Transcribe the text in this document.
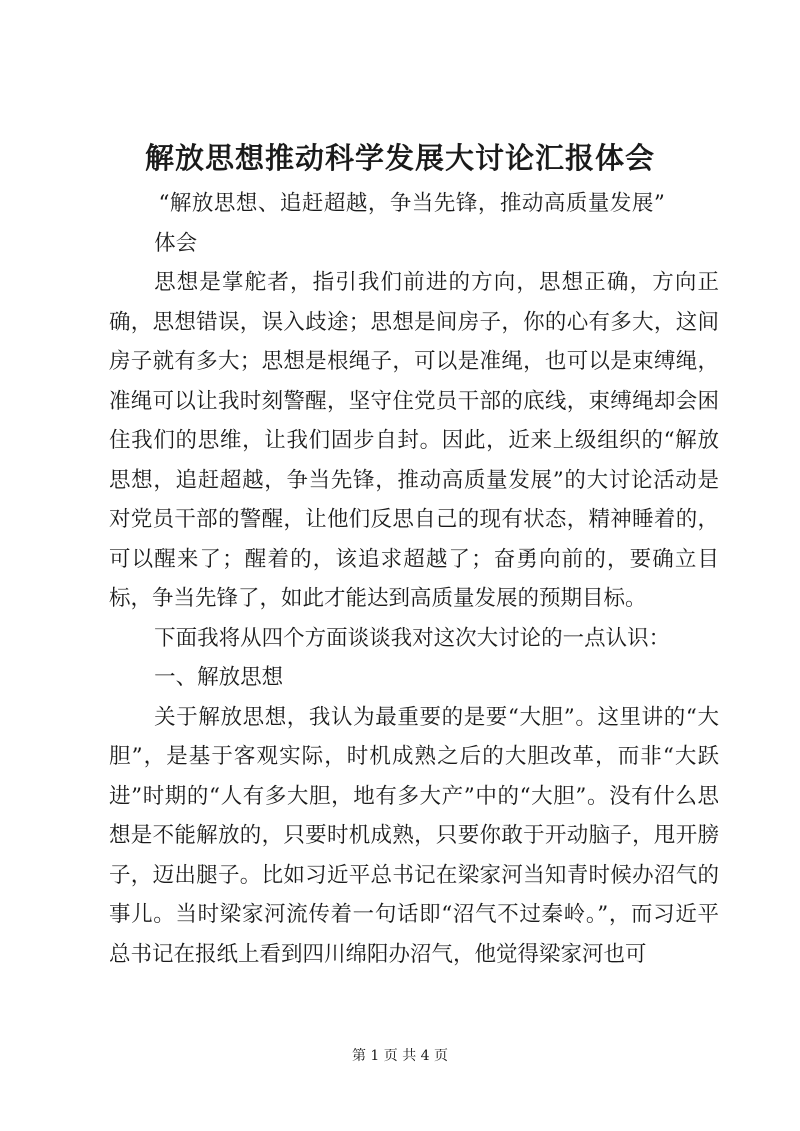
解放思想推动科学发展大讨论汇报体会

“解放思想、追赶超越，争当先锋，推动高质量发展”

体会

思想是掌舵者，指引我们前进的方向，思想正确，方向正确，思想错误，误入歧途；思想是间房子，你的心有多大，这间房子就有多大；思想是根绳子，可以是准绳，也可以是束缚绳，准绳可以让我时刻警醒，坚守住党员干部的底线，束缚绳却会困住我们的思维，让我们固步自封。因此，近来上级组织的“解放思想，追赶超越，争当先锋，推动高质量发展”的大讨论活动是对党员干部的警醒，让他们反思自己的现有状态，精神睡着的，可以醒来了；醒着的，该追求超越了；奋勇向前的，要确立目标，争当先锋了，如此才能达到高质量发展的预期目标。

下面我将从四个方面谈谈我对这次大讨论的一点认识：

一、解放思想

关于解放思想，我认为最重要的是要“大胆”。这里讲的“大胆”，是基于客观实际，时机成熟之后的大胆改革，而非“大跃进”时期的“人有多大胆，地有多大产”中的“大胆”。没有什么思想是不能解放的，只要时机成熟，只要你敢于开动脑子，甩开膀子，迈出腿子。比如习近平总书记在梁家河当知青时候办沼气的事儿。当时梁家河流传着一句话即“沼气不过秦岭。”，而习近平总书记在报纸上看到四川绵阳办沼气，他觉得梁家河也可

第 1 页 共 4 页
